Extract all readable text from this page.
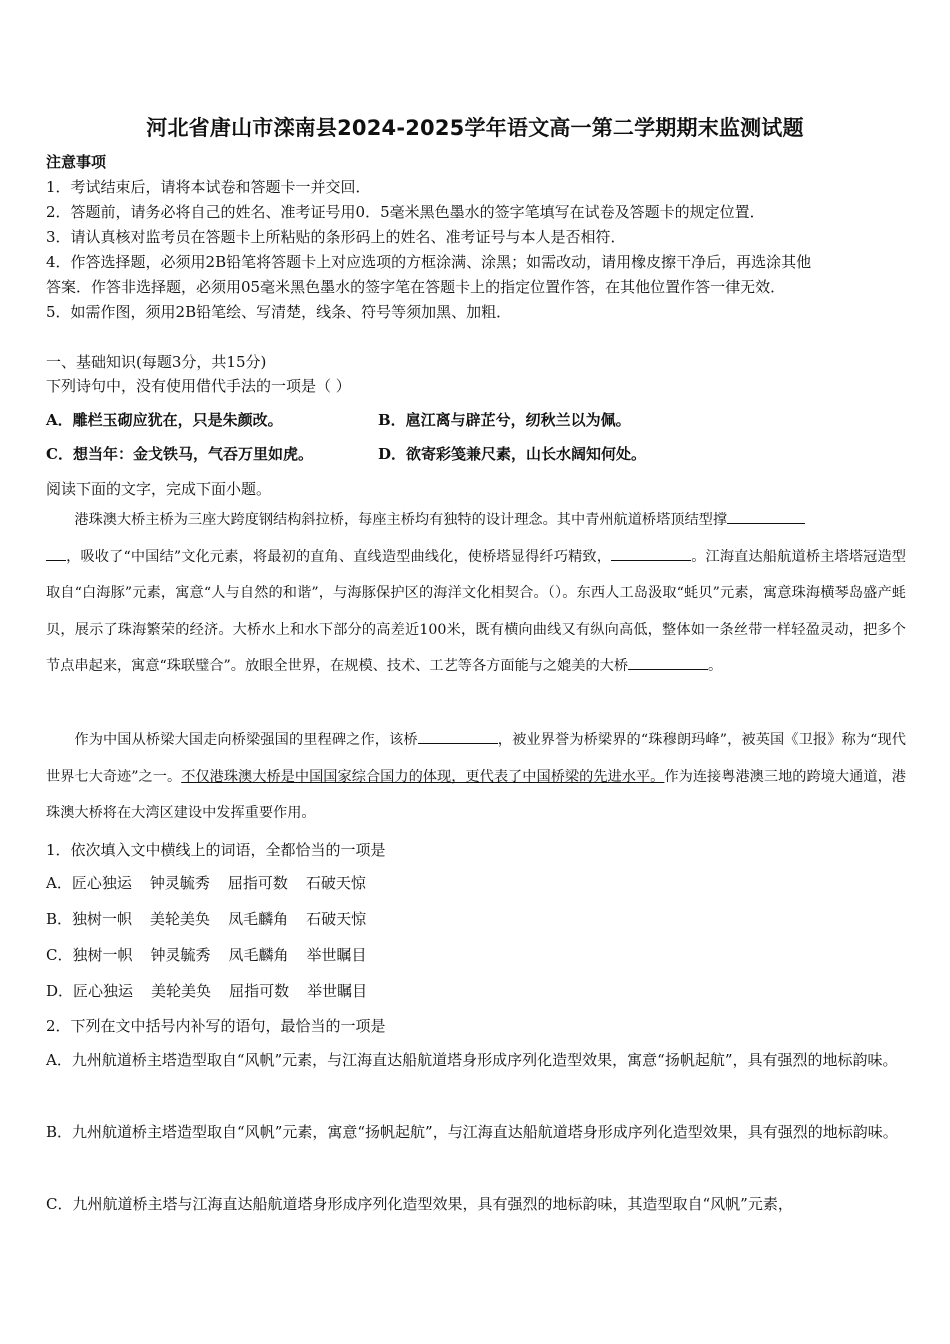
河北省唐山市滦南县2024-2025学年语文高一第二学期期末监测试题
注意事项
1．考试结束后，请将本试卷和答题卡一并交回．
2．答题前，请务必将自己的姓名、准考证号用0．5毫米黑色墨水的签字笔填写在试卷及答题卡的规定位置．
3．请认真核对监考员在答题卡上所粘贴的条形码上的姓名、准考证号与本人是否相符．
4．作答选择题，必须用2B铅笔将答题卡上对应选项的方框涂满、涂黑；如需改动，请用橡皮擦干净后，再选涂其他
答案．作答非选择题，必须用05毫米黑色墨水的签字笔在答题卡上的指定位置作答，在其他位置作答一律无效．
5．如需作图，须用2B铅笔绘、写清楚，线条、符号等须加黑、加粗．
一、基础知识(每题3分，共15分)
下列诗句中，没有使用借代手法的一项是（ ）
A．雕栏玉砌应犹在，只是朱颜改。	B．扈江离与辟芷兮，纫秋兰以为佩。
C．想当年：金戈铁马，气吞万里如虎。	D．欲寄彩笺兼尺素，山长水阔知何处。
阅读下面的文字，完成下面小题。
港珠澳大桥主桥为三座大跨度钢结构斜拉桥，每座主桥均有独特的设计理念。其中青州航道桥塔顶结型撑
，吸收了“中国结”文化元素，将最初的直角、直线造型曲线化，使桥塔显得纤巧精致，	。江海直达船航道桥主塔塔冠造型取自“白海豚”元素，寓意“人与自然的和谐”，与海豚保护区的海洋文化相契合。（）。东西人工岛汲取“蚝贝”元素，寓意珠海横琴岛盛产蚝贝，展示了珠海繁荣的经济。大桥水上和水下部分的高差近100米，既有横向曲线又有纵向高低，整体如一条丝带一样轻盈灵动，把多个节点串起来，寓意“珠联璧合”。放眼全世界，在规模、技术、工艺等各方面能与之媲美的大桥	。
作为中国从桥梁大国走向桥梁强国的里程碑之作，该桥	，被业界誉为桥梁界的“珠穆朗玛峰”，被英国《卫报》称为“现代世界七大奇迹”之一。不仅港珠澳大桥是中国国家综合国力的体现，更代表了中国桥梁的先进水平。作为连接粤港澳三地的跨境大通道，港珠澳大桥将在大湾区建设中发挥重要作用。
1．依次填入文中横线上的词语，全都恰当的一项是
A．匠心独运 钟灵毓秀 屈指可数 石破天惊
B．独树一帜 美轮美奂 凤毛麟角 石破天惊
C．独树一帜 钟灵毓秀 凤毛麟角 举世瞩目
D．匠心独运 美轮美奂 屈指可数 举世瞩目
2．下列在文中括号内补写的语句，最恰当的一项是
A．九州航道桥主塔造型取自“风帆”元素，与江海直达船航道塔身形成序列化造型效果，寓意“扬帆起航”，具有强烈的地标韵味。
B．九州航道桥主塔造型取自“风帆”元素，寓意“扬帆起航”，与江海直达船航道塔身形成序列化造型效果，具有强烈的地标韵味。
C．九州航道桥主塔与江海直达船航道塔身形成序列化造型效果，具有强烈的地标韵味，其造型取自“风帆”元素，
